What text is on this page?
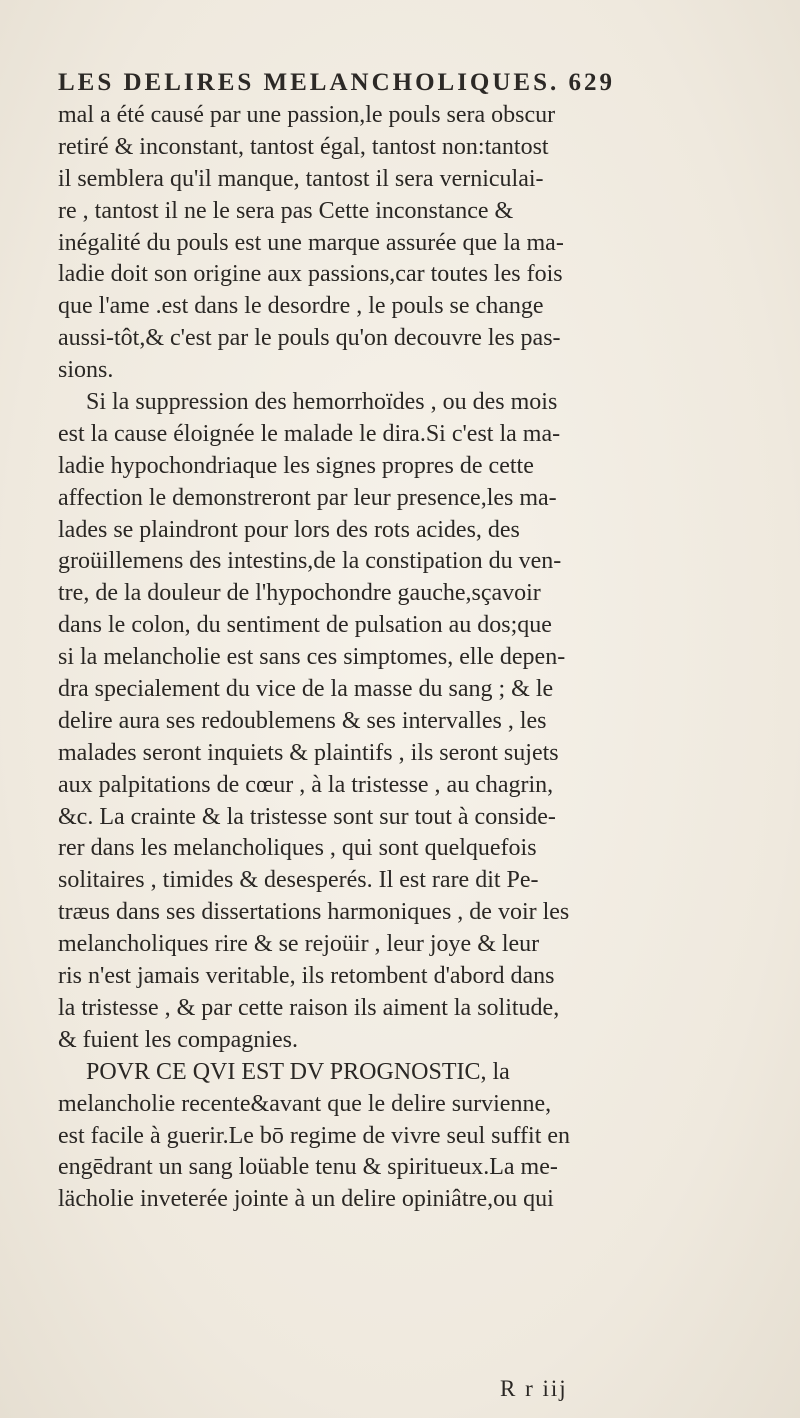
LES DELIRES MELANCHOLIQUES. 629
mal a été causé par une passion,le pouls sera obscur
retiré & inconstant, tantost égal, tantost non:tantost
il semblera qu'il manque, tantost il sera verniculai-
re , tantost il ne le sera pas Cette inconstance &
inégalité du pouls est une marque assurée que la ma-
ladie doit son origine aux passions,car toutes les fois
que l'ame .est dans le desordre , le pouls se change
aussi-tôt,& c'est par le pouls qu'on decouvre les pas-
sions.
Si la suppression des hemorrhoïdes , ou des mois
est la cause éloignée le malade le dira.Si c'est la ma-
ladie hypochondriaque les signes propres de cette
affection le demonstreront par leur presence,les ma-
lades se plaindront pour lors des rots acides, des
groüillemens des intestins,de la constipation du ven-
tre, de la douleur de l'hypochondre gauche,sçavoir
dans le colon, du sentiment de pulsation au dos;que
si la melancholie est sans ces simptomes, elle depen-
dra specialement du vice de la masse du sang ; & le
delire aura ses redoublemens & ses intervalles , les
malades seront inquiets & plaintifs , ils seront sujets
aux palpitations de cœur , à la tristesse , au chagrin,
&c. La crainte & la tristesse sont sur tout à conside-
rer dans les melancholiques , qui sont quelquefois
solitaires , timides & desesperés. Il est rare dit Pe-
træus dans ses dissertations harmoniques , de voir les
melancholiques rire & se rejoüir , leur joye & leur
ris n'est jamais veritable, ils retombent d'abord dans
la tristesse , & par cette raison ils aiment la solitude,
& fuient les compagnies.
POVR CE QVI EST DV PROGNOSTIC, la
melancholie recente&avant que le delire survienne,
est facile à guerir.Le bō regime de vivre seul suffit en
engēdrant un sang loüable tenu & spiritueux.La me-
lächolie inveterée jointe à un delire opiniâtre,ou qui
R r iij
